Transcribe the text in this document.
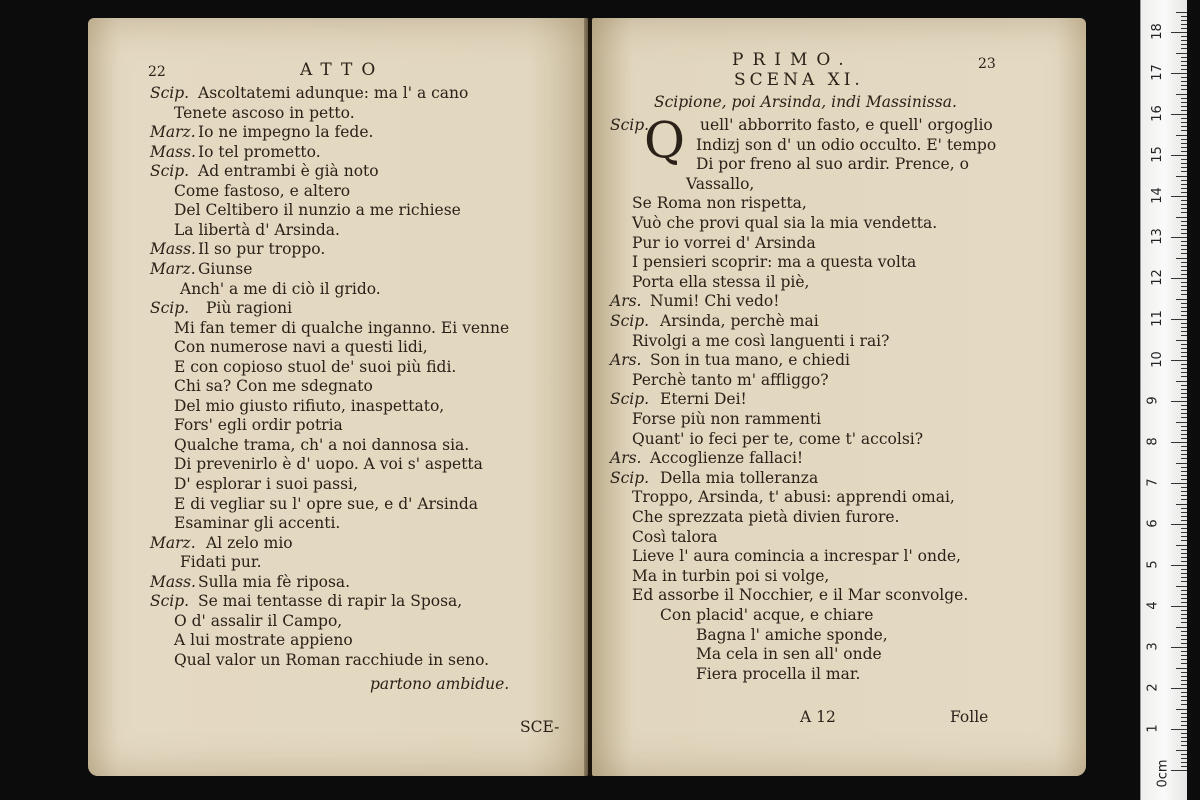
22	ATTO
Scip. Ascoltatemi adunque: ma l' a cano
Tenete ascoso in petto.
Marz. Io ne impegno la fede.
Mass. Io tel prometto.
Scip. Ad entrambi è già noto
Come fastoso, e altero
Del Celtibero il nunzio a me richiese
La libertà d' Arsinda.
Mass. Il so pur troppo.
Marz. Giunse
Anch' a me di ciò il grido.
Scip. Più ragioni
Mi fan temer di qualche inganno. Ei venne
Con numerose navi a questi lidi,
E con copioso stuol de' suoi più fidi.
Chi sa? Con me sdegnato
Del mio giusto rifiuto, inaspettato,
Fors' egli ordir potria
Qualche trama, ch' a noi dannosa sia.
Di prevenirlo è d' uopo. A voi s' aspetta
D' esplorar i suoi passi,
E di vegliar su l' opre sue, e d' Arsinda
Esaminar gli accenti.
Marz. Al zelo mio
Fidati pur.
Mass. Sulla mia fè riposa.
Scip. Se mai tentasse di rapir la Sposa,
O d' assalir il Campo,
A lui mostrate appieno
Qual valor un Roman racchiude in seno.
partono ambidue.
SCE-
PRIMO.	23
SCENA XI.
Scipione, poi Arsinda, indi Massinissa.
Q
Scip.	uell' abborrito fasto, e quell' orgoglio
Indizj son d' un odio occulto. E' tempo
Di por freno al suo ardir. Prence, o
Vassallo,
Se Roma non rispetta,
Vuò che provi qual sia la mia vendetta.
Pur io vorrei d' Arsinda
I pensieri scoprir: ma a questa volta
Porta ella stessa il piè,
Ars. Numi! Chi vedo!
Scip. Arsinda, perchè mai
Rivolgi a me così languenti i rai?
Ars. Son in tua mano, e chiedi
Perchè tanto m' affliggo?
Scip. Eterni Dei!
Forse più non rammenti
Quant' io feci per te, come t' accolsi?
Ars. Accoglienze fallaci!
Scip. Della mia tolleranza
Troppo, Arsinda, t' abusi: apprendi omai,
Che sprezzata pietà divien furore.
Così talora
Lieve l' aura comincia a increspar l' onde,
Ma in turbin poi si volge,
Ed assorbe il Nocchier, e il Mar sconvolge.
Con placid' acque, e chiare
Bagna l' amiche sponde,
Ma cela in sen all' onde
Fiera procella il mar.
A 12	Folle
0cm
1
2
3
4
5
6
7
8
9
10
11
12
13
14
15
16
17
18
